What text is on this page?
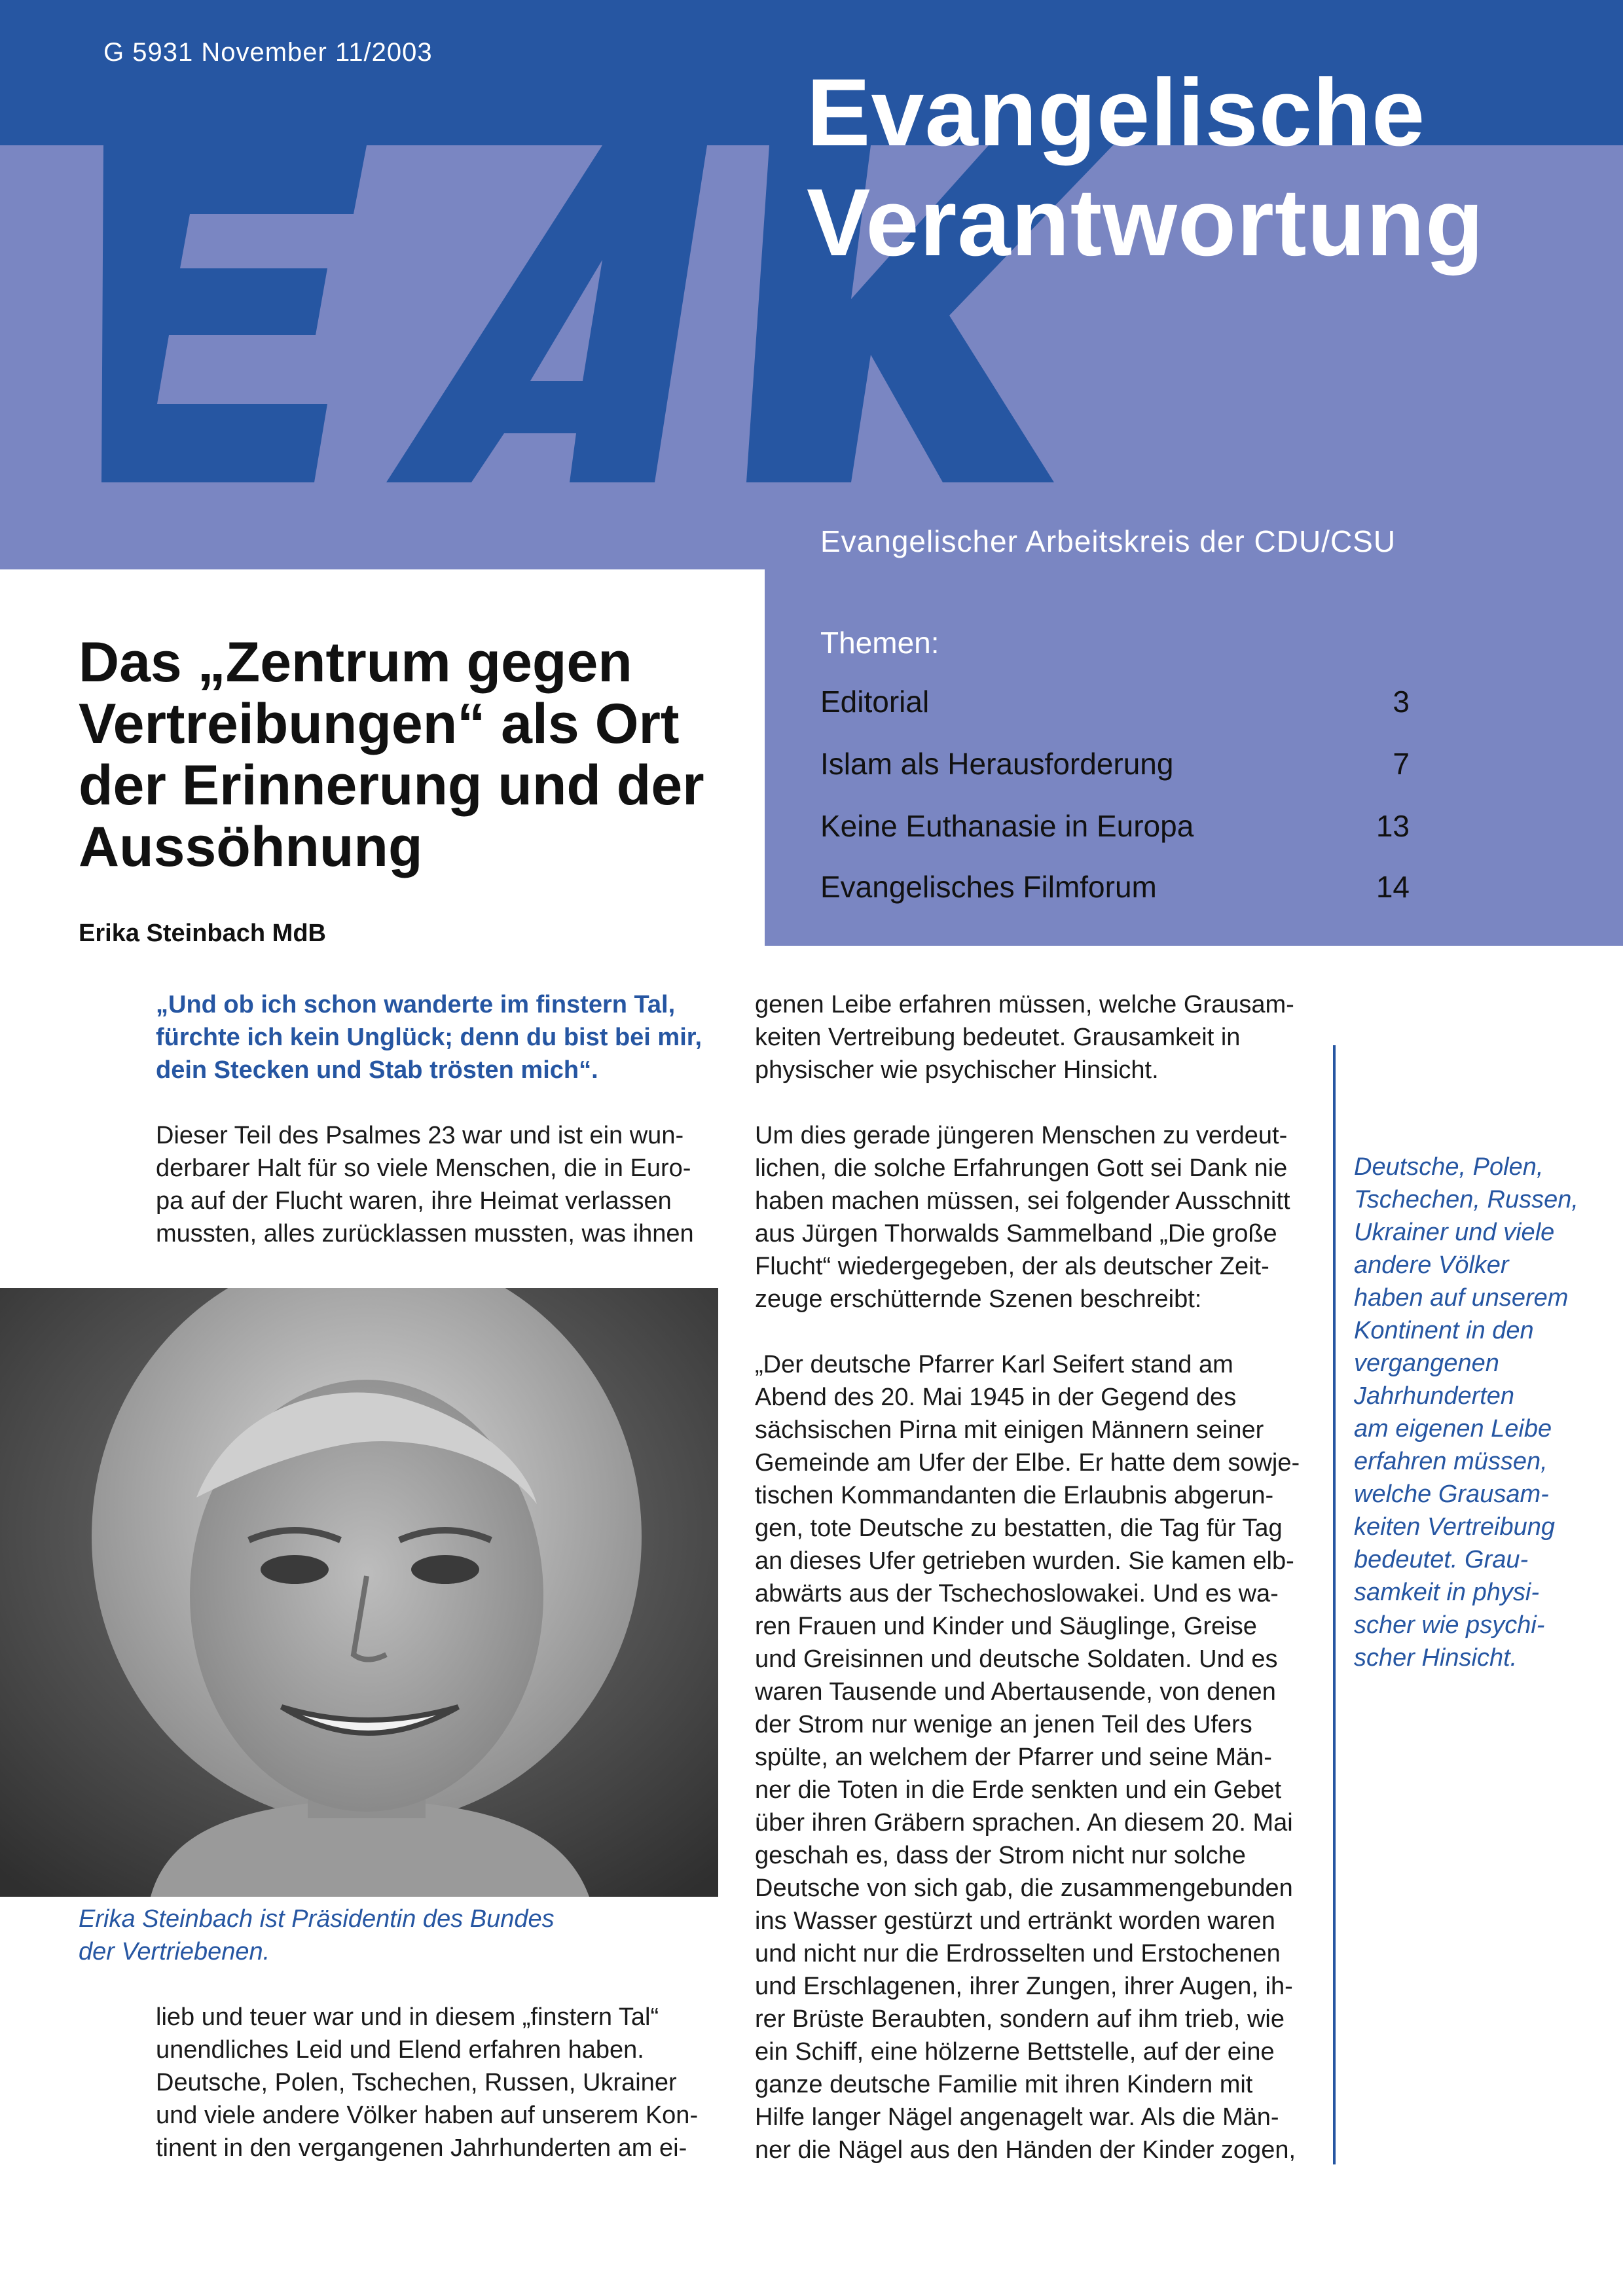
G 5931 November 11/2003
Evangelische
Verantwortung
Evangelischer Arbeitskreis der CDU/CSU
Themen:
Editorial	3
Islam als Herausforderung	7
Keine Euthanasie in Europa	13
Evangelisches Filmforum	14
Das „Zentrum gegen
Vertreibungen“ als Ort
der Erinnerung und der
Aussöhnung
Erika Steinbach MdB
„Und ob ich schon wanderte im finstern Tal,
fürchte ich kein Unglück; denn du bist bei mir,
dein Stecken und Stab trösten mich“.
Dieser Teil des Psalmes 23 war und ist ein wun-
derbarer Halt für so viele Menschen, die in Euro-
pa auf der Flucht waren, ihre Heimat verlassen
mussten, alles zurücklassen mussten, was ihnen
Erika Steinbach ist Präsidentin des Bundes
der Vertriebenen.
lieb und teuer war und in diesem „finstern Tal“
unendliches Leid und Elend erfahren haben.
Deutsche, Polen, Tschechen, Russen, Ukrainer
und viele andere Völker haben auf unserem Kon-
tinent in den vergangenen Jahrhunderten am ei-
genen Leibe erfahren müssen, welche Grausam-
keiten Vertreibung bedeutet. Grausamkeit in
physischer wie psychischer Hinsicht.
Um dies gerade jüngeren Menschen zu verdeut-
lichen, die solche Erfahrungen Gott sei Dank nie
haben machen müssen, sei folgender Ausschnitt
aus Jürgen Thorwalds Sammelband „Die große
Flucht“ wiedergegeben, der als deutscher Zeit-
zeuge erschütternde Szenen beschreibt:
„Der deutsche Pfarrer Karl Seifert stand am
Abend des 20. Mai 1945 in der Gegend des
sächsischen Pirna mit einigen Männern seiner
Gemeinde am Ufer der Elbe. Er hatte dem sowje-
tischen Kommandanten die Erlaubnis abgerun-
gen, tote Deutsche zu bestatten, die Tag für Tag
an dieses Ufer getrieben wurden. Sie kamen elb-
abwärts aus der Tschechoslowakei. Und es wa-
ren Frauen und Kinder und Säuglinge, Greise
und Greisinnen und deutsche Soldaten. Und es
waren Tausende und Abertausende, von denen
der Strom nur wenige an jenen Teil des Ufers
spülte, an welchem der Pfarrer und seine Män-
ner die Toten in die Erde senkten und ein Gebet
über ihren Gräbern sprachen. An diesem 20. Mai
geschah es, dass der Strom nicht nur solche
Deutsche von sich gab, die zusammengebunden
ins Wasser gestürzt und ertränkt worden waren
und nicht nur die Erdrosselten und Erstochenen
und Erschlagenen, ihrer Zungen, ihrer Augen, ih-
rer Brüste Beraubten, sondern auf ihm trieb, wie
ein Schiff, eine hölzerne Bettstelle, auf der eine
ganze deutsche Familie mit ihren Kindern mit
Hilfe langer Nägel angenagelt war. Als die Män-
ner die Nägel aus den Händen der Kinder zogen,
Deutsche, Polen,
Tschechen, Russen,
Ukrainer und viele
andere Völker
haben auf unserem
Kontinent in den
vergangenen
Jahrhunderten
am eigenen Leibe
erfahren müssen,
welche Grausam-
keiten Vertreibung
bedeutet. Grau-
samkeit in physi-
scher wie psychi-
scher Hinsicht.
